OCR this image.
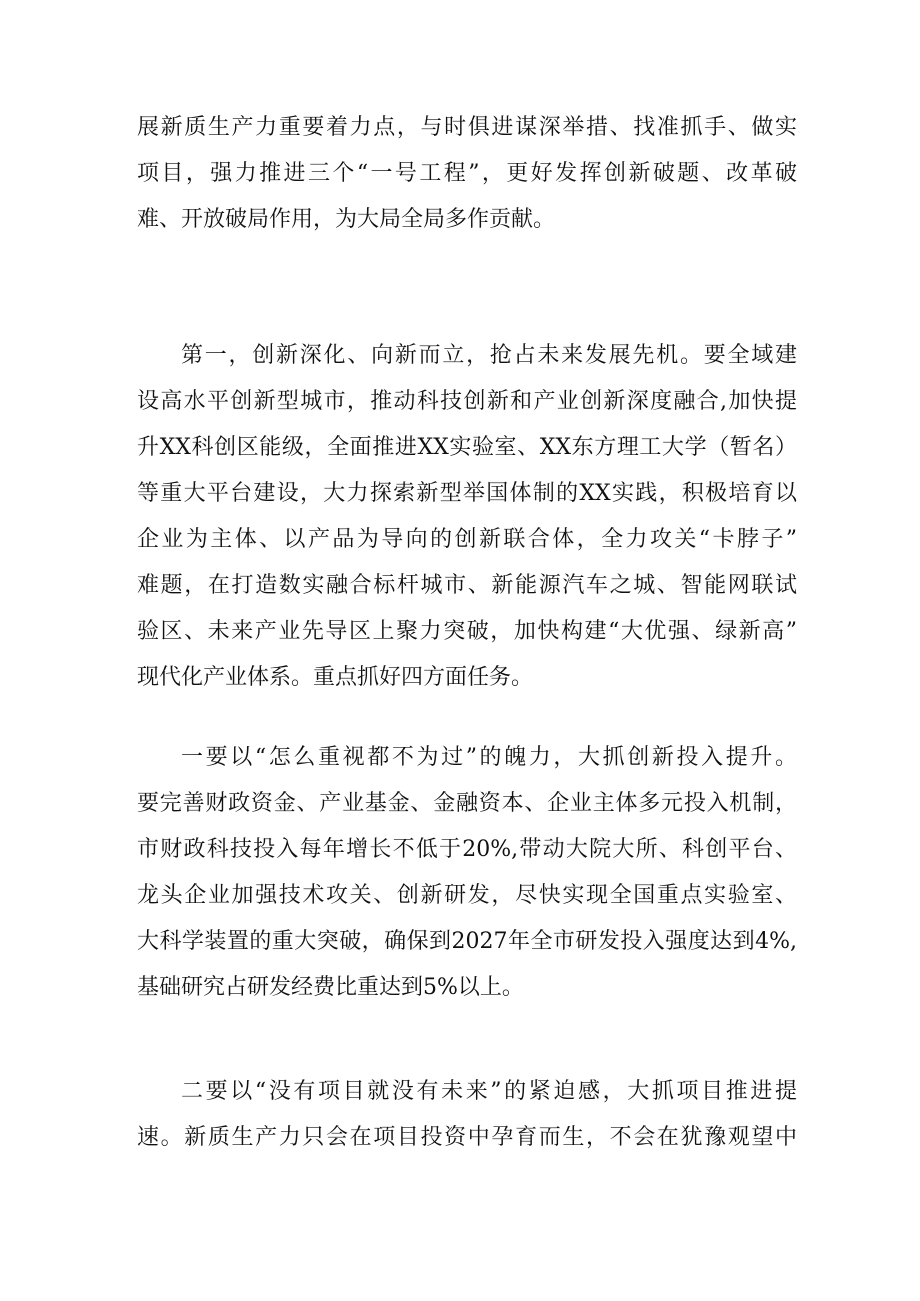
展新质生产力重要着力点，与时俱进谋深举措、找准抓手、做实
项目，强力推进三个“一号工程”，更好发挥创新破题、改革破
难、开放破局作用，为大局全局多作贡献。
第一，创新深化、向新而立，抢占未来发展先机。要全域建
设高水平创新型城市，推动科技创新和产业创新深度融合,加快提
升XX科创区能级，全面推进XX实验室、XX东方理工大学（暂名）
等重大平台建设，大力探索新型举国体制的XX实践，积极培育以
企业为主体、以产品为导向的创新联合体，全力攻关“卡脖子”
难题，在打造数实融合标杆城市、新能源汽车之城、智能网联试
验区、未来产业先导区上聚力突破，加快构建“大优强、绿新高”
现代化产业体系。重点抓好四方面任务。
一要以“怎么重视都不为过”的魄力，大抓创新投入提升。
要完善财政资金、产业基金、金融资本、企业主体多元投入机制，
市财政科技投入每年增长不低于20%,带动大院大所、科创平台、
龙头企业加强技术攻关、创新研发，尽快实现全国重点实验室、
大科学装置的重大突破，确保到2027年全市研发投入强度达到4%,
基础研究占研发经费比重达到5%以上。
二要以“没有项目就没有未来”的紧迫感，大抓项目推进提
速。新质生产力只会在项目投资中孕育而生，不会在犹豫观望中
